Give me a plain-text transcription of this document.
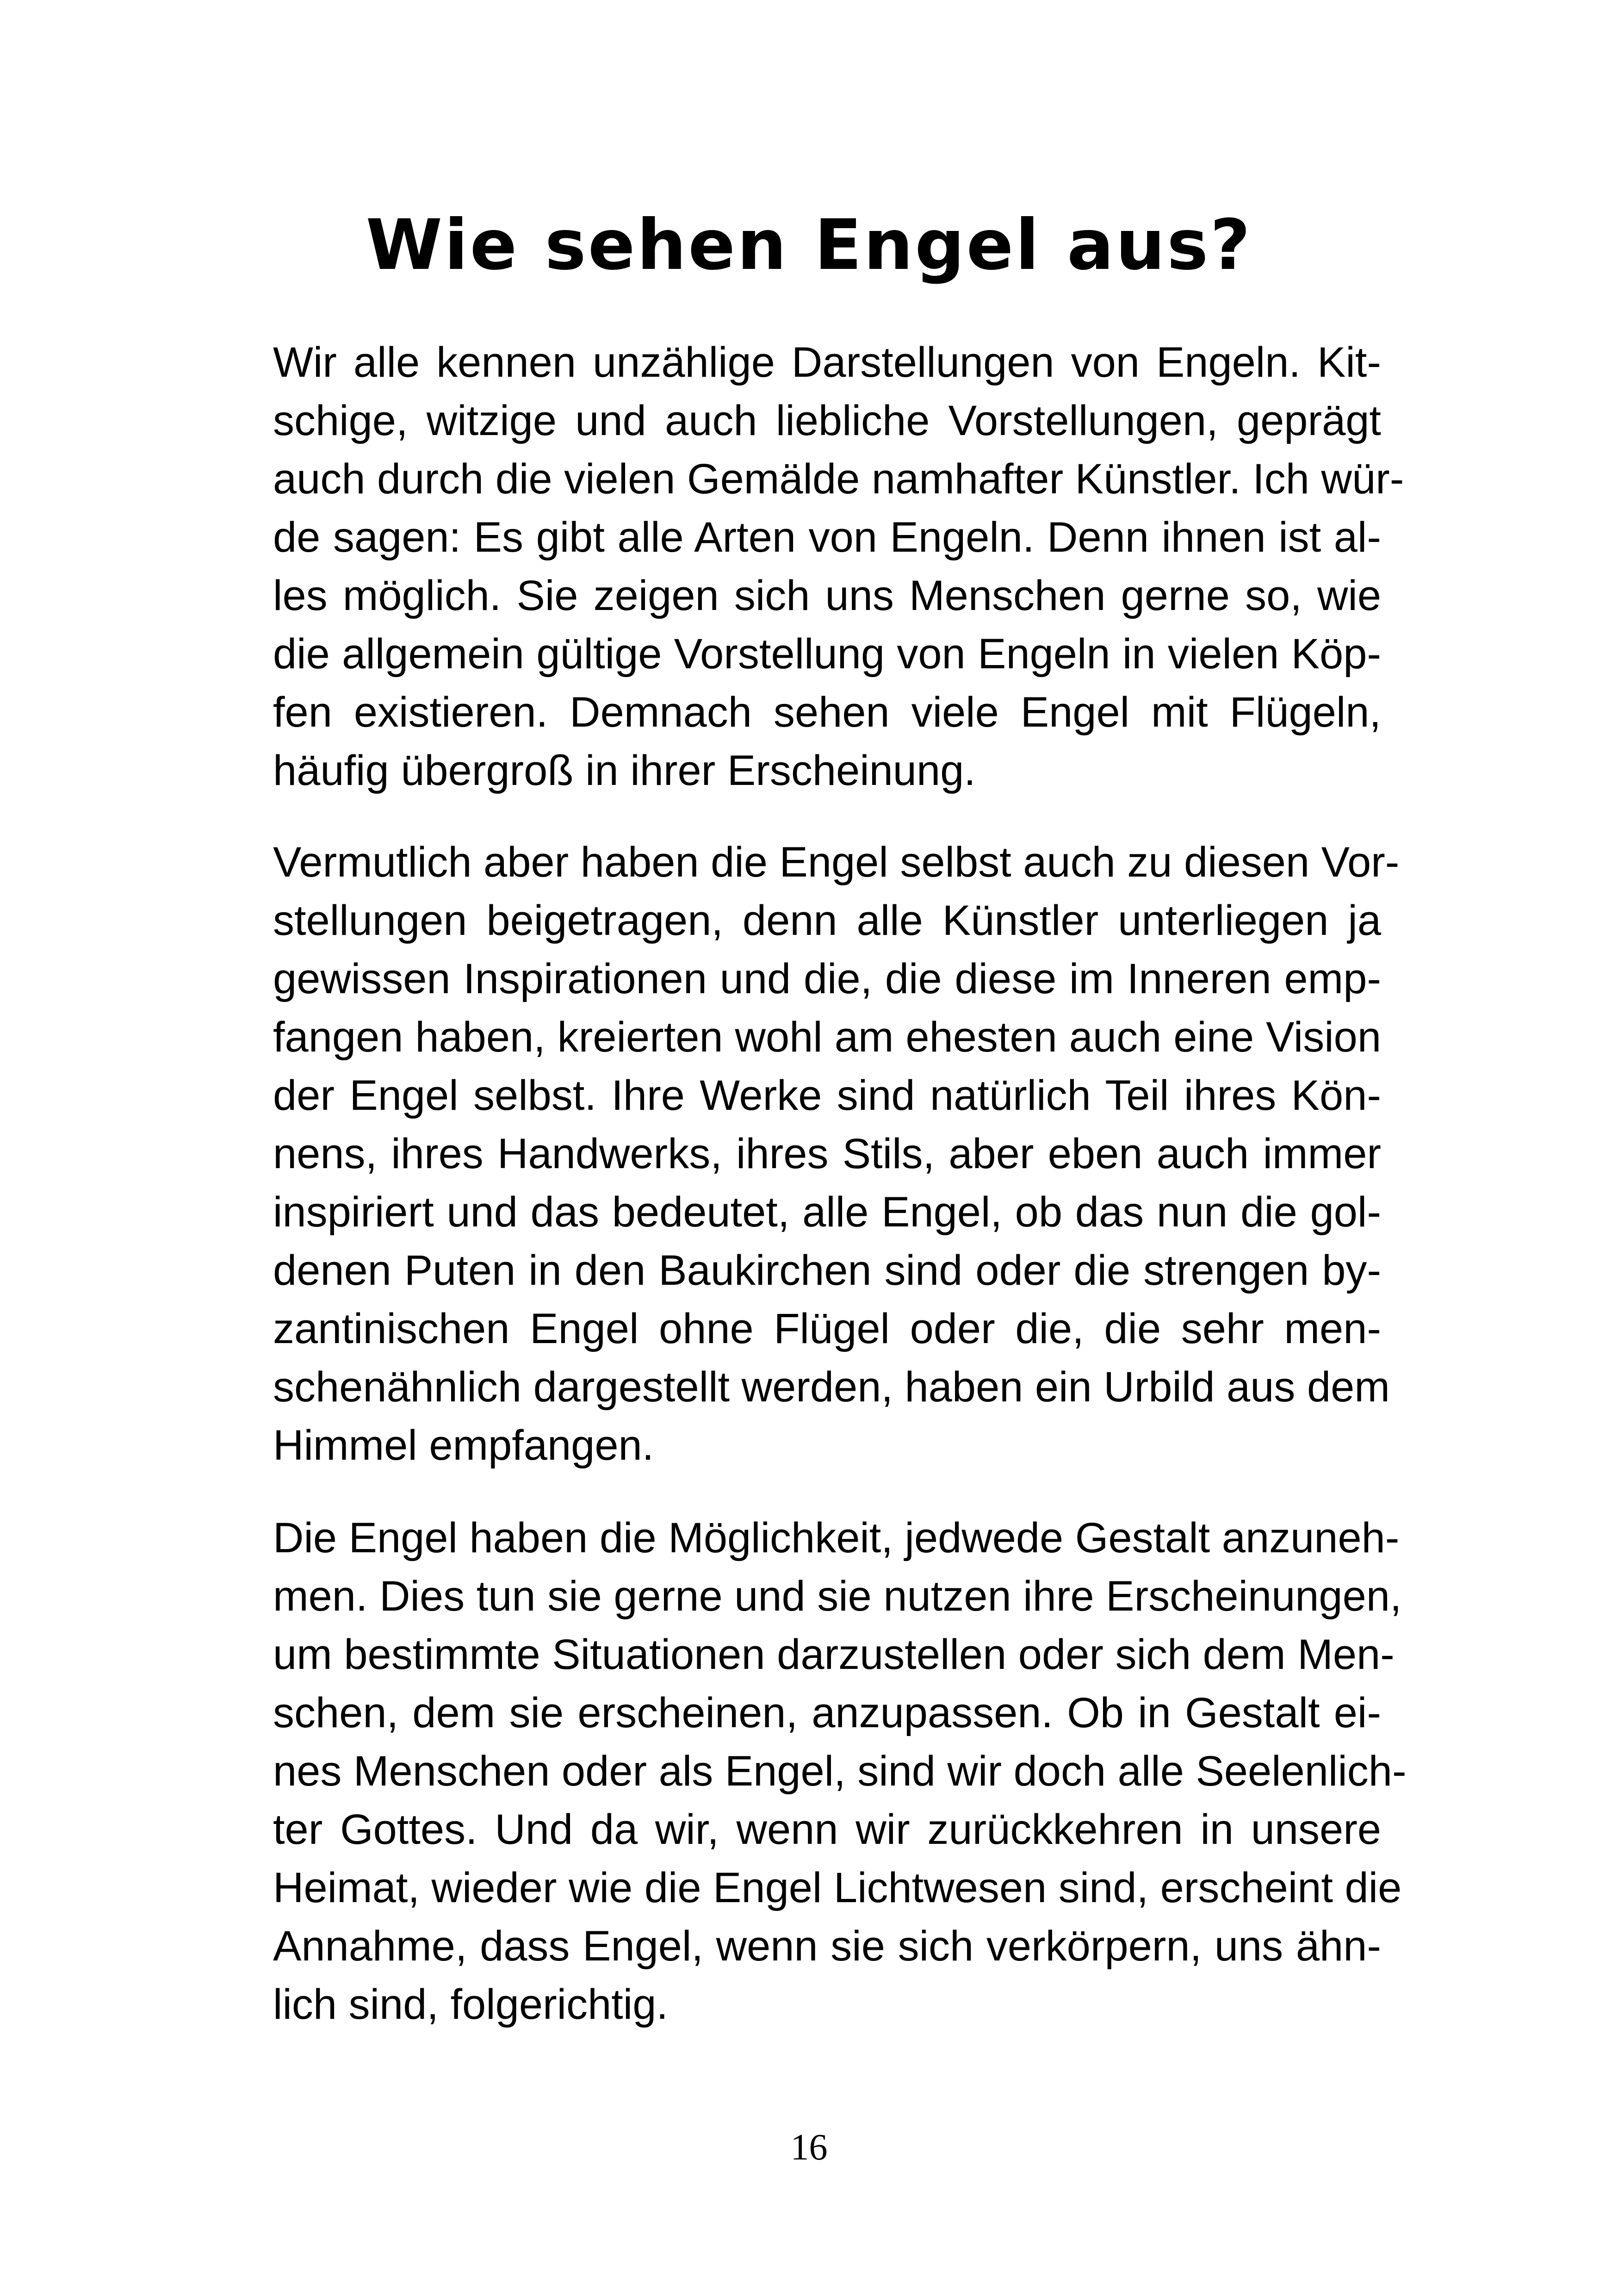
Wie sehen Engel aus?

Wir alle kennen unzählige Darstellungen von Engeln. Kit-
schige, witzige und auch liebliche Vorstellungen, geprägt
auch durch die vielen Gemälde namhafter Künstler. Ich wür-
de sagen: Es gibt alle Arten von Engeln. Denn ihnen ist al-
les möglich. Sie zeigen sich uns Menschen gerne so, wie
die allgemein gültige Vorstellung von Engeln in vielen Köp-
fen existieren. Demnach sehen viele Engel mit Flügeln,
häufig übergroß in ihrer Erscheinung.

Vermutlich aber haben die Engel selbst auch zu diesen Vor-
stellungen beigetragen, denn alle Künstler unterliegen ja
gewissen Inspirationen und die, die diese im Inneren emp-
fangen haben, kreierten wohl am ehesten auch eine Vision
der Engel selbst. Ihre Werke sind natürlich Teil ihres Kön-
nens, ihres Handwerks, ihres Stils, aber eben auch immer
inspiriert und das bedeutet, alle Engel, ob das nun die gol-
denen Puten in den Baukirchen sind oder die strengen by-
zantinischen Engel ohne Flügel oder die, die sehr men-
schenähnlich dargestellt werden, haben ein Urbild aus dem
Himmel empfangen.

Die Engel haben die Möglichkeit, jedwede Gestalt anzuneh-
men. Dies tun sie gerne und sie nutzen ihre Erscheinungen,
um bestimmte Situationen darzustellen oder sich dem Men-
schen, dem sie erscheinen, anzupassen. Ob in Gestalt ei-
nes Menschen oder als Engel, sind wir doch alle Seelenlich-
ter Gottes. Und da wir, wenn wir zurückkehren in unsere
Heimat, wieder wie die Engel Lichtwesen sind, erscheint die
Annahme, dass Engel, wenn sie sich verkörpern, uns ähn-
lich sind, folgerichtig.

16
